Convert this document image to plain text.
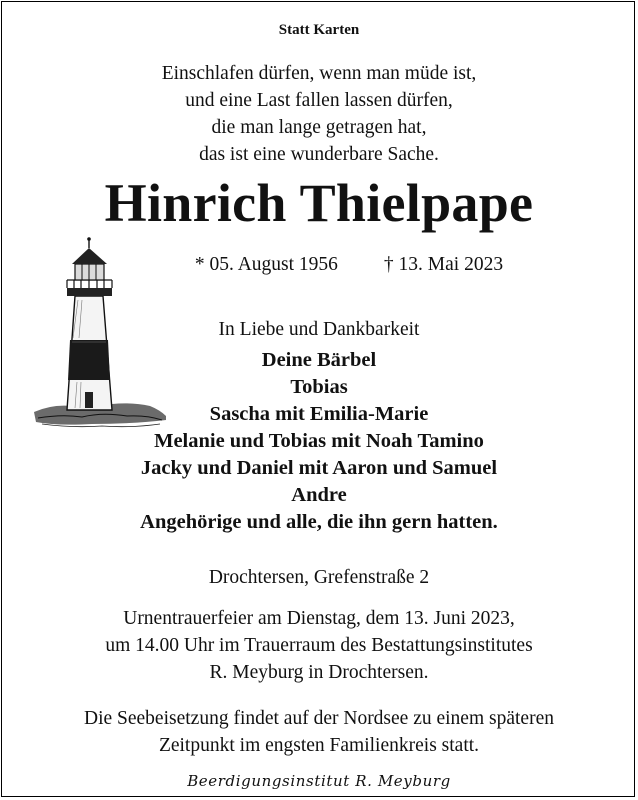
Statt Karten

Einschlafen dürfen, wenn man müde ist,

und eine Last fallen lassen dürfen,

die man lange getragen hat,

das ist eine wunderbare Sache.

Hinrich Thielpape

* 05. August 1956 † 13. Mai 2023

In Liebe und Dankbarkeit

Deine Bärbel

Tobias

Sascha mit Emilia-Marie

Melanie und Tobias mit Noah Tamino

Jacky und Daniel mit Aaron und Samuel

Andre

Angehörige und alle, die ihn gern hatten.

Drochtersen, Grefenstraße 2

Urnentrauerfeier am Dienstag, dem 13. Juni 2023,

um 14.00 Uhr im Trauerraum des Bestattungsinstitutes

R. Meyburg in Drochtersen.

Die Seebeisetzung findet auf der Nordsee zu einem späteren

Zeitpunkt im engsten Familienkreis statt.

Beerdigungsinstitut R. Meyburg
